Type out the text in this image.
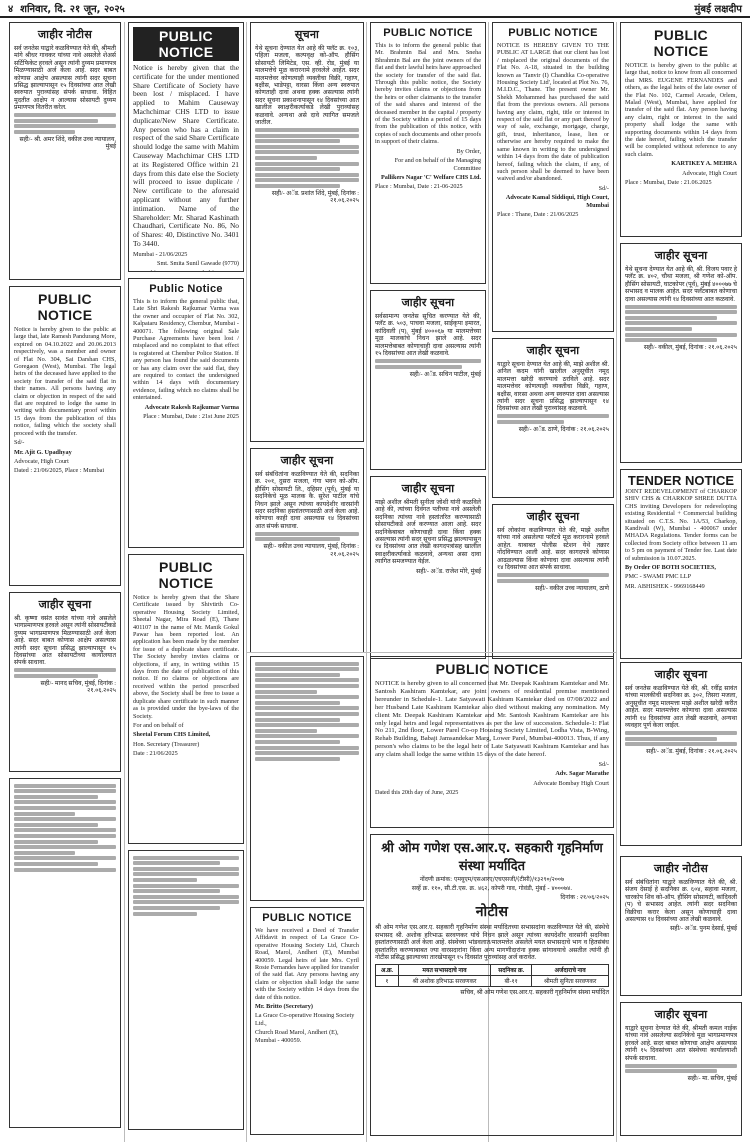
४ शनिवार, दि. २१ जून, २०२५	मुंबई लक्षदीप
जाहीर नोटीस

सर्व जनतेस याद्वारे कळविण्यात येते की, श्रीमती मांगे श्रीधर गावकर यांच्या नावे असलेले शेअर्स सर्टिफिकेट हरवले असून त्यांनी दुय्यम प्रमाणपत्र मिळण्यासाठी अर्ज केला आहे. सदर बाबत कोणास आक्षेप असल्यास त्यांनी सदर सूचना प्रसिद्ध झाल्यापासून १५ दिवसांच्या आत लेखी स्वरुपात पुराव्यांसह संपर्क साधावा. विहित मुदतीत आक्षेप न आल्यास सोसायटी दुय्यम प्रमाणपत्र वितरीत करेल.

सही/- श्री. अमर शिंदे, वकील उच्च न्यायालय, मुंबई
PUBLIC NOTICE

Notice is hereby given to the public at large that, late Ramesh Pandurang More, expired on 04.10.2022 and 20.06.2013 respectively, was a member and owner of Flat No. 304, Sai Darshan CHS, Goregaon (West), Mumbai. The legal heirs of the deceased have applied to the society for transfer of the said flat in their names. All persons having any claim or objection in respect of the said flat are required to lodge the same in writing with documentary proof within 15 days from the publication of this notice, failing which the society shall proceed with the transfer.

Sd/-
Mr. Ajit G. Upadhyay
Advocate, High Court
Dated : 21/06/2025, Place : Mumbai
जाहीर सूचना

श्री. कृष्णा वसंत सावंत यांच्या नावे असलेले भागप्रमाणपत्र हरवले असून त्यांनी सोसायटीकडे दुय्यम भागप्रमाणपत्र मिळण्यासाठी अर्ज केला आहे. सदर बाबत कोणास आक्षेप असल्यास त्यांनी सदर सूचना प्रसिद्ध झाल्यापासून १५ दिवसांच्या आत सोसायटीच्या कार्यालयात संपर्क साधावा.

सही/- मानद सचिव, मुंबई, दिनांक : २१.०६.२०२५
PUBLIC NOTICE

Notice is hereby given that the certificate for the under mentioned Share Certificate of Society have been lost / misplaced. I have applied to Mahim Causeway Machchimar CHS LTD to issue duplicate/New Share Certificate. Any person who has a claim in respect of the said Share Certificate should lodge the same with Mahim Causeway Machchimar CHS LTD at its Registered Office within 21 days from this date else the Society will proceed to issue duplicate / New certificate to the aforesaid applicant without any further intimation. Name of the Shareholder: Mr. Sharad Kashinath Chaudhari, Certificate No. 86, No of Shares: 40, Distinctive No. 3401 To 3440.

Mumbai - 21/06/2025
Smt. Smita Sunil Gawade (9770)
Public Notice

This is to inform the general public that, Late Shri Rakesh Rajkumar Varma was the owner and occupier of Flat No. 302, Kalpataru Residency, Chembur, Mumbai - 400071. The following original Sale Purchase Agreements have been lost / misplaced and no complaint to that effect is registered at Chembur Police Station. If any person has found the said documents or has any claim over the said flat, they are required to contact the undersigned within 14 days with documentary evidence, failing which no claims shall be entertained.

Advocate Rakesh Rajkumar Varma
Place : Mumbai, Date : 21st June 2025
PUBLIC NOTICE

Notice is hereby given that the Share Certificate issued by Shivtirth Co-operative Housing Society Limited, Sheetal Nagar, Mira Road (E), Thane 401107 in the name of Mr. Manik Gokul Pawar has been reported lost. An application has been made by the member for issue of a duplicate share certificate. The Society hereby invites claims or objections, if any, in writing within 15 days from the date of publication of this notice. If no claims or objections are received within the period prescribed above, the Society shall be free to issue a duplicate share certificate in such manner as is provided under the bye-laws of the Society.

For and on behalf of
Sheetal Forum CHS Limited,
Hon. Secretary (Treasurer)
Date : 21/06/2025
सूचना

येथे सूचना देण्यात येत आहे की फ्लॅट क्र. १०३, पहिला मजला, कल्पवृक्ष को-ऑप. हौसिंग सोसायटी लिमिटेड, एस. व्ही. रोड, मुंबई या मालमत्तेचे मूळ करारनामे हरवलेले आहेत. सदर मालमत्तेवर कोणत्याही व्यक्तीचा विक्री, गहाण, बक्षीस, भाडेपट्टा, वारसा किंवा अन्य स्वरुपात कोणताही दावा अथवा हक्क असल्यास त्यांनी सदर सूचना प्रकाशनापासून १४ दिवसांच्या आत खालील स्वाक्षरीकर्त्याकडे लेखी पुराव्यांसह कळवावे. अन्यथा असे दावे त्यागित समजले जातील.

सही/- अॅड. प्रशांत शिंदे, मुंबई, दिनांक : २१.०६.२०२५
जाहीर सूचना

सर्व संबंधितांना कळविण्यात येते की, सदनिका क्र. २०१, दुसरा मजला, गंगा भवन को-ऑप. हौसिंग सोसायटी लि., दहिसर (पूर्व), मुंबई या सदनिकेचे मूळ मालक कै. सुरेश पाटील यांचे निधन झाले असून त्यांच्या कायदेशीर वारसांनी सदर सदनिका हस्तांतरणासाठी अर्ज केला आहे. कोणाचा काही दावा असल्यास १४ दिवसांच्या आत संपर्क साधावा.

सही/- वकील उच्च न्यायालय, मुंबई, दिनांक : २१.०६.२०२५
PUBLIC NOTICE

This is to inform the general public that Mr. Brahmin Bal and Mrs. Sneha Bhrahmin Bal are the joint owners of the flat and their lawful heirs have approached the society for transfer of the said flat. Through this public notice, the Society hereby invites claims or objections from the heirs or other claimants to the transfer of the said shares and interest of the deceased member in the capital / property of the Society within a period of 15 days from the publication of this notice, with copies of such documents and other proofs in support of their claims.

By Order,
For and on behalf of the Managing Committee
Pallikers Nagar 'C' Welfare CHS Ltd.
Place : Mumbai, Date : 21-06-2025
जाहीर सूचना

सर्वसामान्य जनतेस सूचित करण्यात येते की, फ्लॅट क्र. ५०३, पाचवा मजला, साईकृपा इमारत, कांदिवली (प), मुंबई ४०००६७ या मालमत्तेच्या मूळ मालकांचे निधन झाले आहे. सदर मालमत्तेबाबत कोणाचाही दावा असल्यास त्यांनी १५ दिवसांच्या आत लेखी कळवावे.

सही/- अॅड. सचिन पाटील, मुंबई
जाहीर सूचना

माझे अशील श्रीमती सुनीता जोशी यांनी कळविले आहे की, त्यांच्या दिवंगत पतीच्या नावे असलेली सदनिका त्यांच्या नावे हस्तांतरित करण्यासाठी सोसायटीकडे अर्ज करण्यात आला आहे. सदर सदनिकेबाबत कोणाचाही दावा किंवा हक्क असल्यास त्यांनी सदर सूचना प्रसिद्ध झाल्यापासून १४ दिवसांच्या आत लेखी कागदपत्रांसह खालील स्वाक्षरीकर्त्याकडे कळवावे, अन्यथा असा दावा त्यागित समजण्यात येईल.

सही/- अॅड. राजेश मोरे, मुंबई
PUBLIC NOTICE

NOTICE IS HEREBY GIVEN TO THE PUBLIC AT LARGE that our client has lost / misplaced the original documents of the Flat No. A-18, situated in the building known as 'Tanvir (I) Chandika Co-operative Housing Society Ltd', located at Plot No. 76, M.I.D.C., Thane. The present owner Mr. Shekh Mohammed has purchased the said flat from the previous owners. All persons having any claim, right, title or interest in respect of the said flat or any part thereof by way of sale, exchange, mortgage, charge, gift, trust, inheritance, lease, lien or otherwise are hereby required to make the same known in writing to the undersigned within 14 days from the date of publication hereof, failing which the claim, if any, of such person shall be deemed to have been waived and/or abandoned.

Sd/-
Advocate Kamal Siddiqui, High Court, Mumbai
Place : Thane, Date : 21/06/2025
जाहीर सूचना

याद्वारे सूचना देण्यात येत आहे की, माझे अशील श्री. अनिल कदम यांनी खालील अनुसूचीत नमूद मालमत्ता खरेदी करण्याचे ठरविले आहे. सदर मालमत्तेवर कोणत्याही व्यक्तीचा विक्री, गहाण, बक्षीस, वारसा अथवा अन्य स्वरुपात दावा असल्यास त्यांनी सदर सूचना प्रसिद्ध झाल्यापासून १४ दिवसांच्या आत लेखी पुराव्यांसह कळवावे.

सही/- अॅड. ठाणे, दिनांक : २१.०६.२०२५
जाहीर सूचना

सर्व लोकांना कळविण्यात येते की, माझे अशील यांच्या नावे असलेल्या फ्लॅटचे मूळ करारनामे हरवले आहेत. याबाबत पोलीस स्टेशन येथे तक्रार नोंदविण्यात आली आहे. सदर कागदपत्रे कोणास आढळल्यास किंवा कोणाचा दावा असल्यास त्यांनी १४ दिवसांच्या आत संपर्क साधावा.

सही/- वकील उच्च न्यायालय, ठाणे
PUBLIC NOTICE

NOTICE is hereby given to the public at large that, notice to know from all concerned that MRS. EUGENE FERNANDES and others, as the legal heirs of the late owner of the Flat No. 102, Carmel Arcade, Orlem, Malad (West), Mumbai, have applied for transfer of the said flat. Any person having any claim, right or interest in the said property shall lodge the same with supporting documents within 14 days from the date hereof, failing which the transfer will be completed without reference to any such claim.

KARTIKEY A. MEHRA
Advocate, High Court
Place : Mumbai, Date : 21.06.2025
जाहीर सूचना

येथे सूचना देण्यात येत आहे की, श्री. विजय पवार हे फ्लॅट क्र. ४०२, चौथा मजला, श्री गणेश को-ऑप. हौसिंग सोसायटी, घाटकोपर (पूर्व), मुंबई ४०००७७ चे सभासद व मालक आहेत. सदर फ्लॅटबाबत कोणाचा दावा असल्यास त्यांनी १४ दिवसांच्या आत कळवावे.

सही/- वकील, मुंबई, दिनांक : २१.०६.२०२५
TENDER NOTICE

JOINT REDEVELOPMENT of CHARKOP SHIV CHS & CHARKOP SHREE DUTTA CHS inviting Developers for redeveloping existing Residential + Commercial building situated on C.T.S. No. 1A/53, Charkop, Kandivali (W), Mumbai - 400067 under MHADA Regulations. Tender forms can be collected from Society office between 11 am to 5 pm on payment of Tender fee. Last date of submission is 10.07.2025.

By Order OF BOTH SOCIETIES,
PMC - SWAMI PMC LLP
MR. ABHISHEK - 9969168449
PUBLIC NOTICE

We have received a Deed of Transfer Affidavit in respect of La Grace Co-operative Housing Society Ltd, Church Road, Marol, Andheri (E), Mumbai 400059. Legal heirs of late Mrs. Cyril Rosie Fernandes have applied for transfer of the said flat. Any persons having any claim or objection shall lodge the same with the Society within 14 days from the date of this notice.

Mr. Britto (Secretary)
La Grace Co-operative Housing Society Ltd.,
Church Road Marol, Andheri (E), Mumbai - 400059.
PUBLIC NOTICE

NOTICE is hereby given to all concerned that Mr. Deepak Kashiram Kamtekar and Mr. Santosh Kashiram Kamtekar, are joint owners of residential premise mentioned hereunder in Schedule-1. Late Satyawati Kashiram Kamtekar died on 07/08/2022 and her Husband Late Kashiram Kamtekar also died without making any nomination. My client Mr. Deepak Kashiram Kamtekar and Mr. Santosh Kashiram Kamtekar are his only legal heirs and legal representatives as per the law of succession. Schedule-1: Flat No 211, 2nd floor, Lower Parel Co-op Housing Society Limited, Lodha Vista, B-Wing, Rehab Building, Babaji Jamsandekar Marg, Lower Parel, Mumbai-400013. Thus, if any person's who claims to be the legal heir of Late Satyawati Kashiram Kamtekar and has any claim shall lodge the same within 15 days of the date hereof.

Sd/-
Adv. Sagar Marathe
Advocate Bombay High Court
Dated this 20th day of June, 2025
श्री ओम गणेश एस.आर.ए. सहकारी गृहनिर्माण संस्था मर्यादित
नोंदणी क्रमांक: एमयूएम/एसआरए/एचएसजी/(टीसी)/१३२९०/२००७
सर्व्हे क्र. ११०, सी.टी.एस. क्र. ४६२, कोपरी गाव, गोवंडी, मुंबई - ४०००७४.
दिनांक : २१/०६/२०२५
नोटीस

श्री ओम गणेश एस.आर.ए. सहकारी गृहनिर्माण संस्था मर्यादितच्या सभासदांना कळविण्यात येते की, संस्थेचे सभासद श्री. अशोक हरिभाऊ सरवणकर यांचे निधन झाले असून त्यांच्या कायदेशीर वारसांनी सदनिका हस्तांतरणासाठी अर्ज केला आहे. संस्थेच्या भांडवलात/मालमत्तेत असलेले मयत सभासदाचे भाग व हितसंबंध हस्तांतरित करण्याबाबत ज्या वारसदारांना किंवा अन्य मागणीदारांना हक्क सांगावयाचे असतील त्यांनी ही नोटीस प्रसिद्ध झाल्याच्या तारखेपासून १५ दिवसांत पुराव्यांसह अर्ज करावेत.

अ.क्र.	मयत सभासदाचे नाव	सदनिका क्र.	अर्जदाराचे नाव
१	श्री अशोक हरिभाऊ सरवणकर	बी-११	श्रीमती सुनिता सरवणकर
सचिव, श्री ओम गणेश एस.आर.ए. सहकारी गृहनिर्माण संस्था मर्यादित
जाहीर नोटीस

सर्व संबंधितांना याद्वारे कळविण्यात येते की, श्री. संजय देसाई हे सदनिका क्र. ६०४, सहावा मजला, चारकोप शिव को-ऑप. हौसिंग सोसायटी, कांदिवली (प) चे सभासद आहेत. त्यांनी सदर सदनिका विक्रीचा करार केला असून कोणाचाही दावा असल्यास १४ दिवसांच्या आत लेखी कळवावे.

सही/- अॅड. पुनम देसाई, मुंबई
जाहीर सूचना

याद्वारे सूचना देण्यात येते की, श्रीमती कमल नाईक यांच्या नावे असलेल्या सदनिकेचे मूळ भागप्रमाणपत्र हरवले आहे. सदर बाबत कोणाचा आक्षेप असल्यास त्यांनी १५ दिवसांच्या आत संस्थेच्या कार्यालयाशी संपर्क साधावा.

सही/- मा. सचिव, मुंबई
जाहीर सूचना

सर्व जनतेस कळविण्यात येते की, श्री. रवींद्र सावंत यांच्या मालकीची सदनिका क्र. ३०२, तिसरा मजला, अनुसूचीत नमूद मालमत्ता माझे अशील खरेदी करीत आहेत. सदर मालमत्तेवर कोणाचा दावा असल्यास त्यांनी १४ दिवसांच्या आत लेखी कळवावे, अन्यथा व्यवहार पूर्ण केला जाईल.

सही/- अॅड. मुंबई, दिनांक : २१.०६.२०२५
